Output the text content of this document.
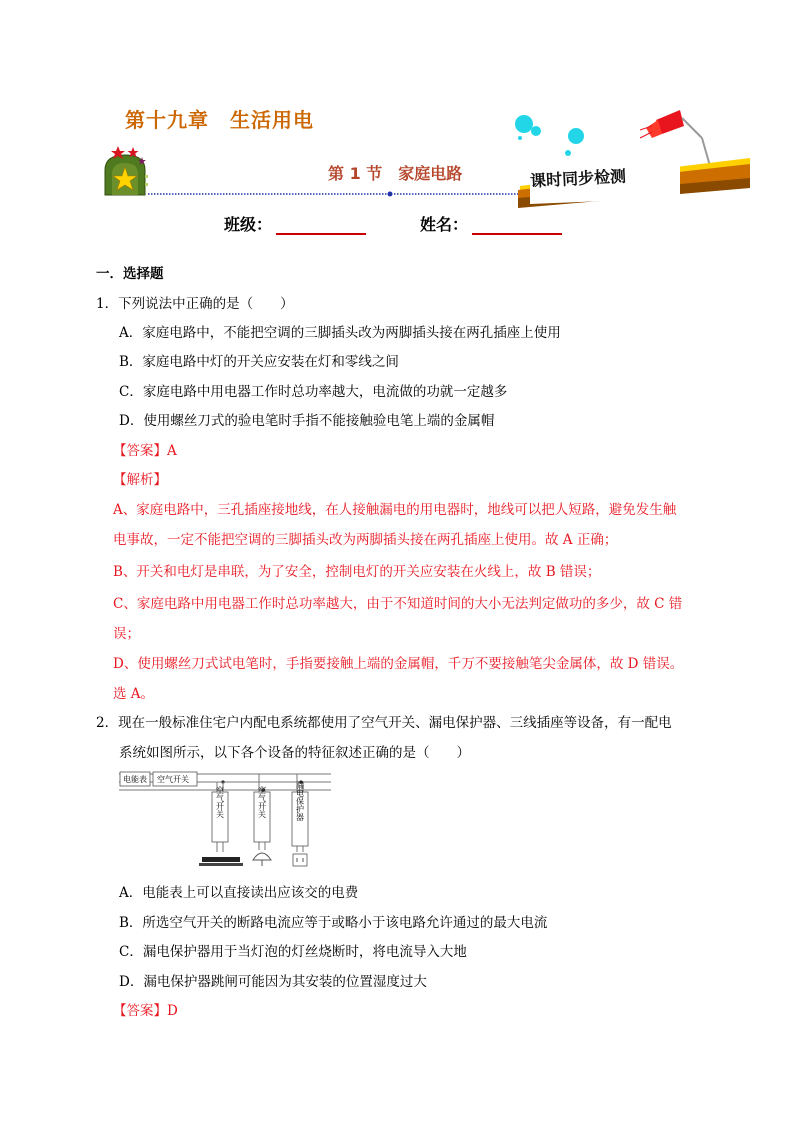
第十九章　生活用电
第 1 节　家庭电路	课时同步检测
班级：	姓名：
一．选择题
1．下列说法中正确的是（　　）
A．家庭电路中，不能把空调的三脚插头改为两脚插头接在两孔插座上使用
B．家庭电路中灯的开关应安装在灯和零线之间
C．家庭电路中用电器工作时总功率越大，电流做的功就一定越多
D．使用螺丝刀式的验电笔时手指不能接触验电笔上端的金属帽
【答案】A
【解析】
A、家庭电路中，三孔插座接地线，在人接触漏电的用电器时，地线可以把人短路，避免发生触
电事故，一定不能把空调的三脚插头改为两脚插头接在两孔插座上使用。故 A 正确；
B、开关和电灯是串联，为了安全，控制电灯的开关应安装在火线上，故 B 错误；
C、家庭电路中用电器工作时总功率越大，由于不知道时间的大小无法判定做功的多少，故 C 错
误；
D、使用螺丝刀式试电笔时，手指要接触上端的金属帽，千万不要接触笔尖金属体，故 D 错误。
选 A。
2．现在一般标准住宅户内配电系统都使用了空气开关、漏电保护器、三线插座等设备，有一配电
系统如图所示，以下各个设备的特征叙述正确的是（　　）
电能表 空气开关
空气开关	空气开关	漏电保护器
A．电能表上可以直接读出应该交的电费
B．所选空气开关的断路电流应等于或略小于该电路允许通过的最大电流
C．漏电保护器用于当灯泡的灯丝烧断时，将电流导入大地
D．漏电保护器跳闸可能因为其安装的位置湿度过大
【答案】D
